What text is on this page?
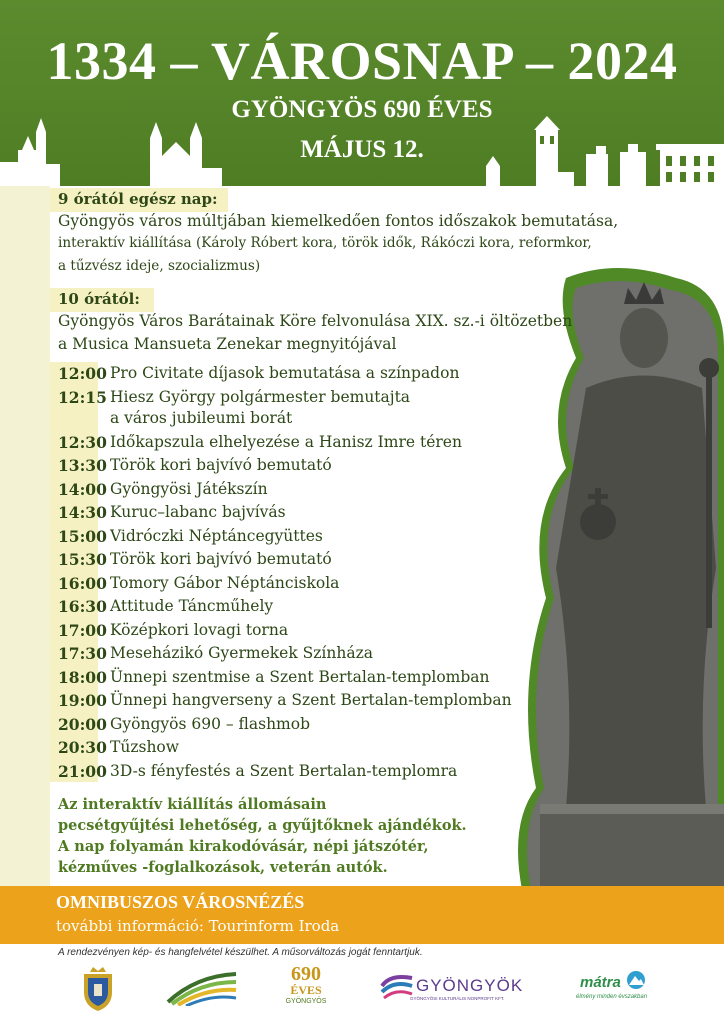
1334 – VÁROSNAP – 2024
GYÖNGYÖS 690 ÉVES
MÁJUS 12.
9 órától egész nap:
Gyöngyös város múltjában kiemelkedően fontos időszakok bemutatása,
interaktív kiállítása (Károly Róbert kora, török idők, Rákóczi kora, reformkor,
a tűzvész ideje, szocializmus)
10 órától:
Gyöngyös Város Barátainak Köre felvonulása XIX. sz.-i öltözetben
a Musica Mansueta Zenekar megnyitójával
12:00 Pro Civitate díjasok bemutatása a színpadon
12:15 Hiesz György polgármester bemutajta
a város jubileumi borát
12:30 Időkapszula elhelyezése a Hanisz Imre téren
13:30 Török kori bajvívó bemutató
14:00 Gyöngyösi Játékszín
14:30 Kuruc–labanc bajvívás
15:00 Vidróczki Néptáncegyüttes
15:30 Török kori bajvívó bemutató
16:00 Tomory Gábor Néptánciskola
16:30 Attitude Táncműhely
17:00 Középkori lovagi torna
17:30 Meseházikó Gyermekek Színháza
18:00 Ünnepi szentmise a Szent Bertalan-templomban
19:00 Ünnepi hangverseny a Szent Bertalan-templomban
20:00 Gyöngyös 690 – flashmob
20:30 Tűzshow
21:00 3D-s fényfestés a Szent Bertalan-templomra
Az interaktív kiállítás állomásain
pecsétgyűjtési lehetőség, a gyűjtőknek ajándékok.
A nap folyamán kirakodóvásár, népi játszótér,
kézműves -foglalkozások, veterán autók.
OMNIBUSZOS VÁROSNÉZÉS
további információ: Tourinform Iroda
A rendezvényen kép- és hangfelvétel készülhet. A műsorváltozás jogát fenntartjuk.
690
ÉVES
GYÖNGYÖS
GYÖNGYÖK
GYÖNGYÖSI KULTURÁLIS NONPROFIT KFT.
mátra
élmény minden évszakban
